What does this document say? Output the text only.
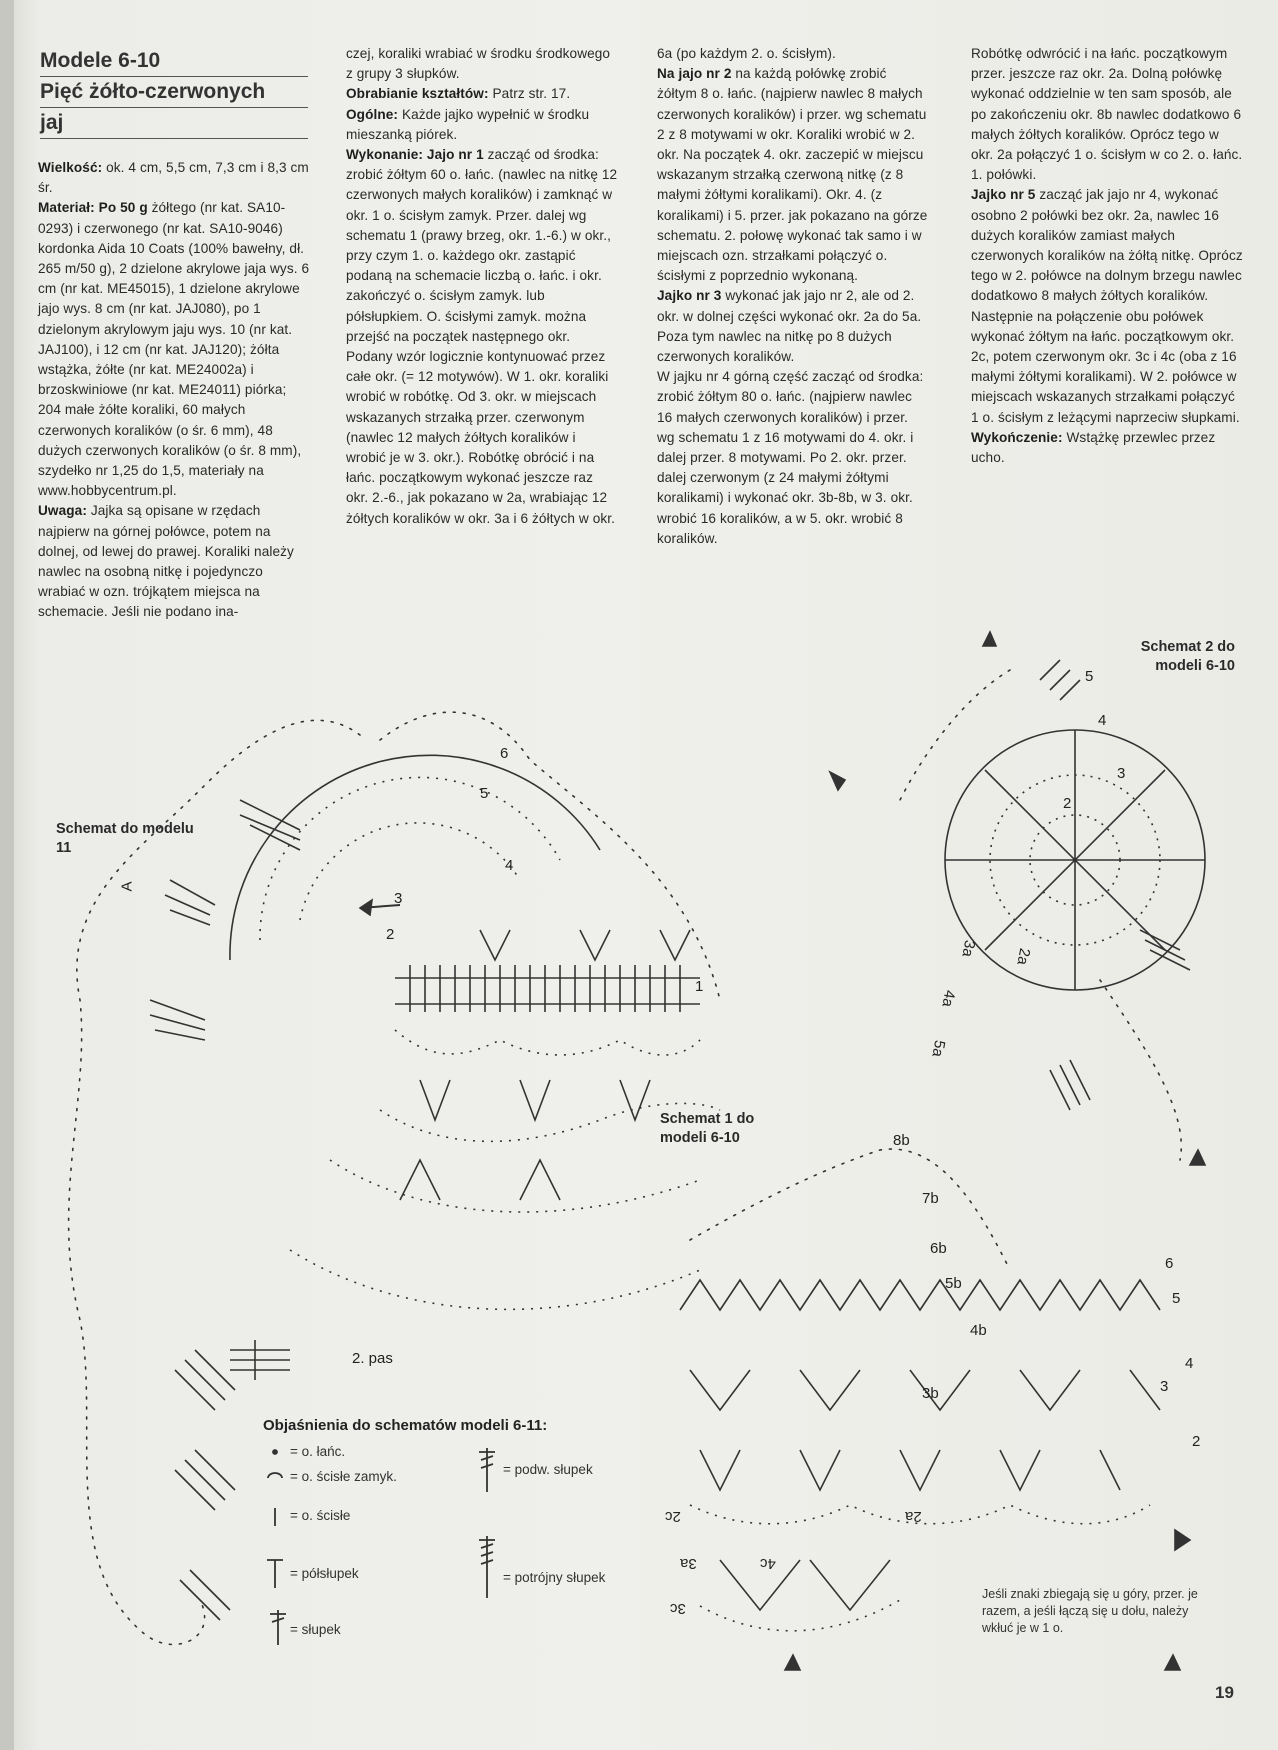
Modele 6-10
Pięć żółto-czerwonych
jaj

Wielkość: ok. 4 cm, 5,5 cm, 7,3 cm i 8,3 cm śr.

Materiał: Po 50 g żółtego (nr kat. SA10-0293) i czerwonego (nr kat. SA10-9046) kordonka Aida 10 Coats (100% bawełny, dł. 265 m/50 g), 2 dzielone akrylowe jaja wys. 6 cm (nr kat. ME45015), 1 dzielone akrylowe jajo wys. 8 cm (nr kat. JAJ080), po 1 dzielonym akrylowym jaju wys. 10 (nr kat. JAJ100), i 12 cm (nr kat. JAJ120); żółta wstążka, żółte (nr kat. ME24002a) i brzoskwiniowe (nr kat. ME24011) piórka; 204 małe żółte koraliki, 60 małych czerwonych koralików (o śr. 6 mm), 48 dużych czerwonych koralików (o śr. 8 mm), szydełko nr 1,25 do 1,5, materiały na www.hobbycentrum.pl.

Uwaga: Jajka są opisane w rzędach najpierw na górnej połówce, potem na dolnej, od lewej do prawej. Koraliki należy nawlec na osobną nitkę i pojedynczo wrabiać w ozn. trójkątem miejsca na schemacie. Jeśli nie podano ina-

czej, koraliki wrabiać w środku środkowego z grupy 3 słupków.

Obrabianie kształtów: Patrz str. 17.

Ogólne: Każde jajko wypełnić w środku mieszanką piórek.

Wykonanie: Jajo nr 1 zacząć od środka: zrobić żółtym 60 o. łańc. (nawlec na nitkę 12 czerwonych małych koralików) i zamknąć w okr. 1 o. ścisłym zamyk. Przer. dalej wg schematu 1 (prawy brzeg, okr. 1.-6.) w okr., przy czym 1. o. każdego okr. zastąpić podaną na schemacie liczbą o. łańc. i okr. zakończyć o. ścisłym zamyk. lub półsłupkiem. O. ścisłymi zamyk. można przejść na początek następnego okr. Podany wzór logicznie kontynuować przez całe okr. (= 12 motywów). W 1. okr. koraliki wrobić w robótkę. Od 3. okr. w miejscach wskazanych strzałką przer. czerwonym (nawlec 12 małych żółtych koralików i wrobić je w 3. okr.). Robótkę obrócić i na łańc. początkowym wykonać jeszcze raz okr. 2.-6., jak pokazano w 2a, wrabiając 12 żółtych koralików w okr. 3a i 6 żółtych w okr.

6a (po każdym 2. o. ścisłym).

Na jajo nr 2 na każdą połówkę zrobić żółtym 8 o. łańc. (najpierw nawlec 8 małych czerwonych koralików) i przer. wg schematu 2 z 8 motywami w okr. Koraliki wrobić w 2. okr. Na początek 4. okr. zaczepić w miejscu wskazanym strzałką czerwoną nitkę (z 8 małymi żółtymi koralikami). Okr. 4. (z koralikami) i 5. przer. jak pokazano na górze schematu. 2. połowę wykonać tak samo i w miejscach ozn. strzałkami połączyć o. ścisłymi z poprzednio wykonaną.

Jajko nr 3 wykonać jak jajo nr 2, ale od 2. okr. w dolnej części wykonać okr. 2a do 5a. Poza tym nawlec na nitkę po 8 dużych czerwonych koralików.

W jajku nr 4 górną część zacząć od środka: zrobić żółtym 80 o. łańc. (najpierw nawlec 16 małych czerwonych koralików) i przer. wg schematu 1 z 16 motywami do 4. okr. i dalej przer. 8 motywami. Po 2. okr. przer. dalej czerwonym (z 24 małymi żółtymi koralikami) i wykonać okr. 3b-8b, w 3. okr. wrobić 16 koralików, a w 5. okr. wrobić 8 koralików.

Robótkę odwrócić i na łańc. początkowym przer. jeszcze raz okr. 2a. Dolną połówkę wykonać oddzielnie w ten sam sposób, ale po zakończeniu okr. 8b nawlec dodatkowo 6 małych żółtych koralików. Oprócz tego w okr. 2a połączyć 1 o. ścisłym w co 2. o. łańc. 1. połówki.

Jajko nr 5 zacząć jak jajo nr 4, wykonać osobno 2 połówki bez okr. 2a, nawlec 16 dużych koralików zamiast małych czerwonych koralików na żółtą nitkę. Oprócz tego w 2. połówce na dolnym brzegu nawlec dodatkowo 8 małych żółtych koralików. Następnie na połączenie obu połówek wykonać żółtym na łańc. początkowym okr. 2c, potem czerwonym okr. 3c i 4c (oba z 16 małymi żółtymi koralikami). W 2. połówce w miejscach wskazanych strzałkami połączyć 1 o. ścisłym z leżącymi naprzeciw słupkami.

Wykończenie: Wstążkę przewlec przez ucho.

Schemat do modelu 11
Schemat 2 do modeli 6-10
Schemat 1 do modeli 6-10
6
5
4
3
2
1
A
2. pas
5
4
3
2
2a
3a
4a
5a
8b
7b
6b
5b
4b
3b
6
5
4
3
2
2a
2c
3a
3c
4c
Objaśnienia do schematów modeli 6-11:
= o. łańc.
= o. ścisłe zamyk.
= o. ścisłe
= półsłupek
= słupek
= podw. słupek
= potrójny słupek
Jeśli znaki zbiegają się u góry, przer. je razem, a jeśli łączą się u dołu, należy wkłuć je w 1 o.
19
